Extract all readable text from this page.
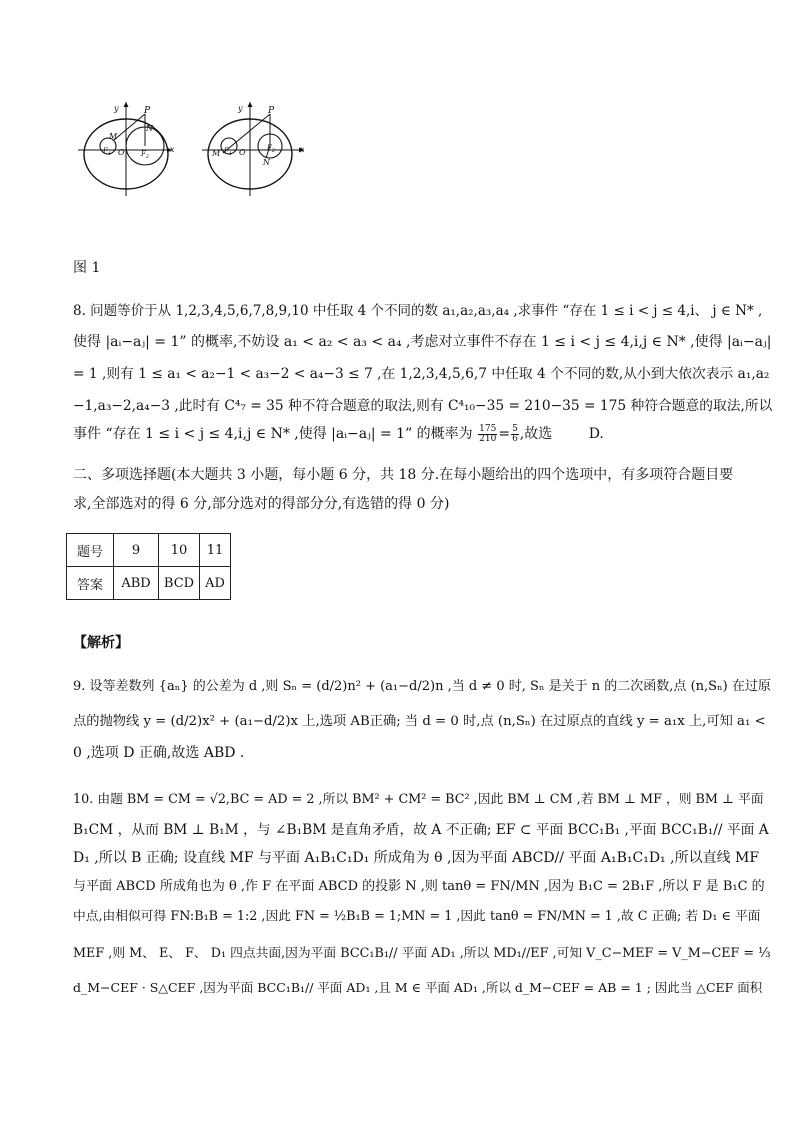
y
x
P
M
N
$F_1$ O $F_2$
y
x
P
M
N
$F_1$ O	$F_2$
图 1
8. 问题等价于从 1,2,3,4,5,6,7,8,9,10 中任取 4 个不同的数 a₁,a₂,a₃,a₄ ,求事件 “存在 1 ≤ i < j ≤ 4,i、 j ∈ N* ,
使得 |aᵢ−aⱼ| = 1” 的概率,不妨设 a₁ < a₂ < a₃ < a₄ ,考虑对立事件不存在 1 ≤ i < j ≤ 4,i,j ∈ N* ,使得 |aᵢ−aⱼ|
= 1 ,则有 1 ≤ a₁ < a₂−1 < a₃−2 < a₄−3 ≤ 7 ,在 1,2,3,4,5,6,7 中任取 4 个不同的数,从小到大依次表示 a₁,a₂
−1,a₃−2,a₄−3 ,此时有 C⁴₇ = 35 种不符合题意的取法,则有 C⁴₁₀−35 = 210−35 = 175 种符合题意的取法,所以
事件 “存在 1 ≤ i < j ≤ 4,i,j ∈ N* ,使得 |aᵢ−aⱼ| = 1” 的概率为 $\frac{175}{210} = \frac{5}{6}$ ,故选	D.
二、多项选择题(本大题共 3 小题，每小题 6 分，共 18 分.在每小题给出的四个选项中，有多项符合题目要
求,全部选对的得 6 分,部分选对的得部分分,有选错的得 0 分)
题号	9	10	11
答案	ABD	BCD	AD
【解析】
9. 设等差数列 {aₙ} 的公差为 d ,则 Sₙ = (d/2)n² + (a₁−d/2)n ,当 d ≠ 0 时, Sₙ 是关于 n 的二次函数,点 (n,Sₙ) 在过原
点的抛物线 y = (d/2)x² + (a₁−d/2)x 上,选项 AB正确; 当 d = 0 时,点 (n,Sₙ) 在过原点的直线 y = a₁x 上,可知 a₁ <
0 ,选项 D 正确,故选 ABD .
10. 由题 BM = CM = √2,BC = AD = 2 ,所以 BM² + CM² = BC² ,因此 BM ⊥ CM ,若 BM ⊥ MF ，则 BM ⊥ 平面
B₁CM ，从而 BM ⊥ B₁M ，与 ∠B₁BM 是直角矛盾，故 A 不正确; EF ⊂ 平面 BCC₁B₁ ,平面 BCC₁B₁// 平面 A
D₁ ,所以 B 正确; 设直线 MF 与平面 A₁B₁C₁D₁ 所成角为 θ ,因为平面 ABCD// 平面 A₁B₁C₁D₁ ,所以直线 MF
与平面 ABCD 所成角也为 θ ,作 F 在平面 ABCD 的投影 N ,则 tanθ = FN/MN ,因为 B₁C = 2B₁F ,所以 F 是 B₁C 的
中点,由相似可得 FN:B₁B = 1:2 ,因此 FN = ½B₁B = 1;MN = 1 ,因此 tanθ = FN/MN = 1 ,故 C 正确; 若 D₁ ∈ 平面
MEF ,则 M、 E、 F、 D₁ 四点共面,因为平面 BCC₁B₁// 平面 AD₁ ,所以 MD₁//EF ,可知 V_C−MEF = V_M−CEF = ⅓
d_M−CEF · S△CEF ,因为平面 BCC₁B₁// 平面 AD₁ ,且 M ∈ 平面 AD₁ ,所以 d_M−CEF = AB = 1 ; 因此当 △CEF 面积
